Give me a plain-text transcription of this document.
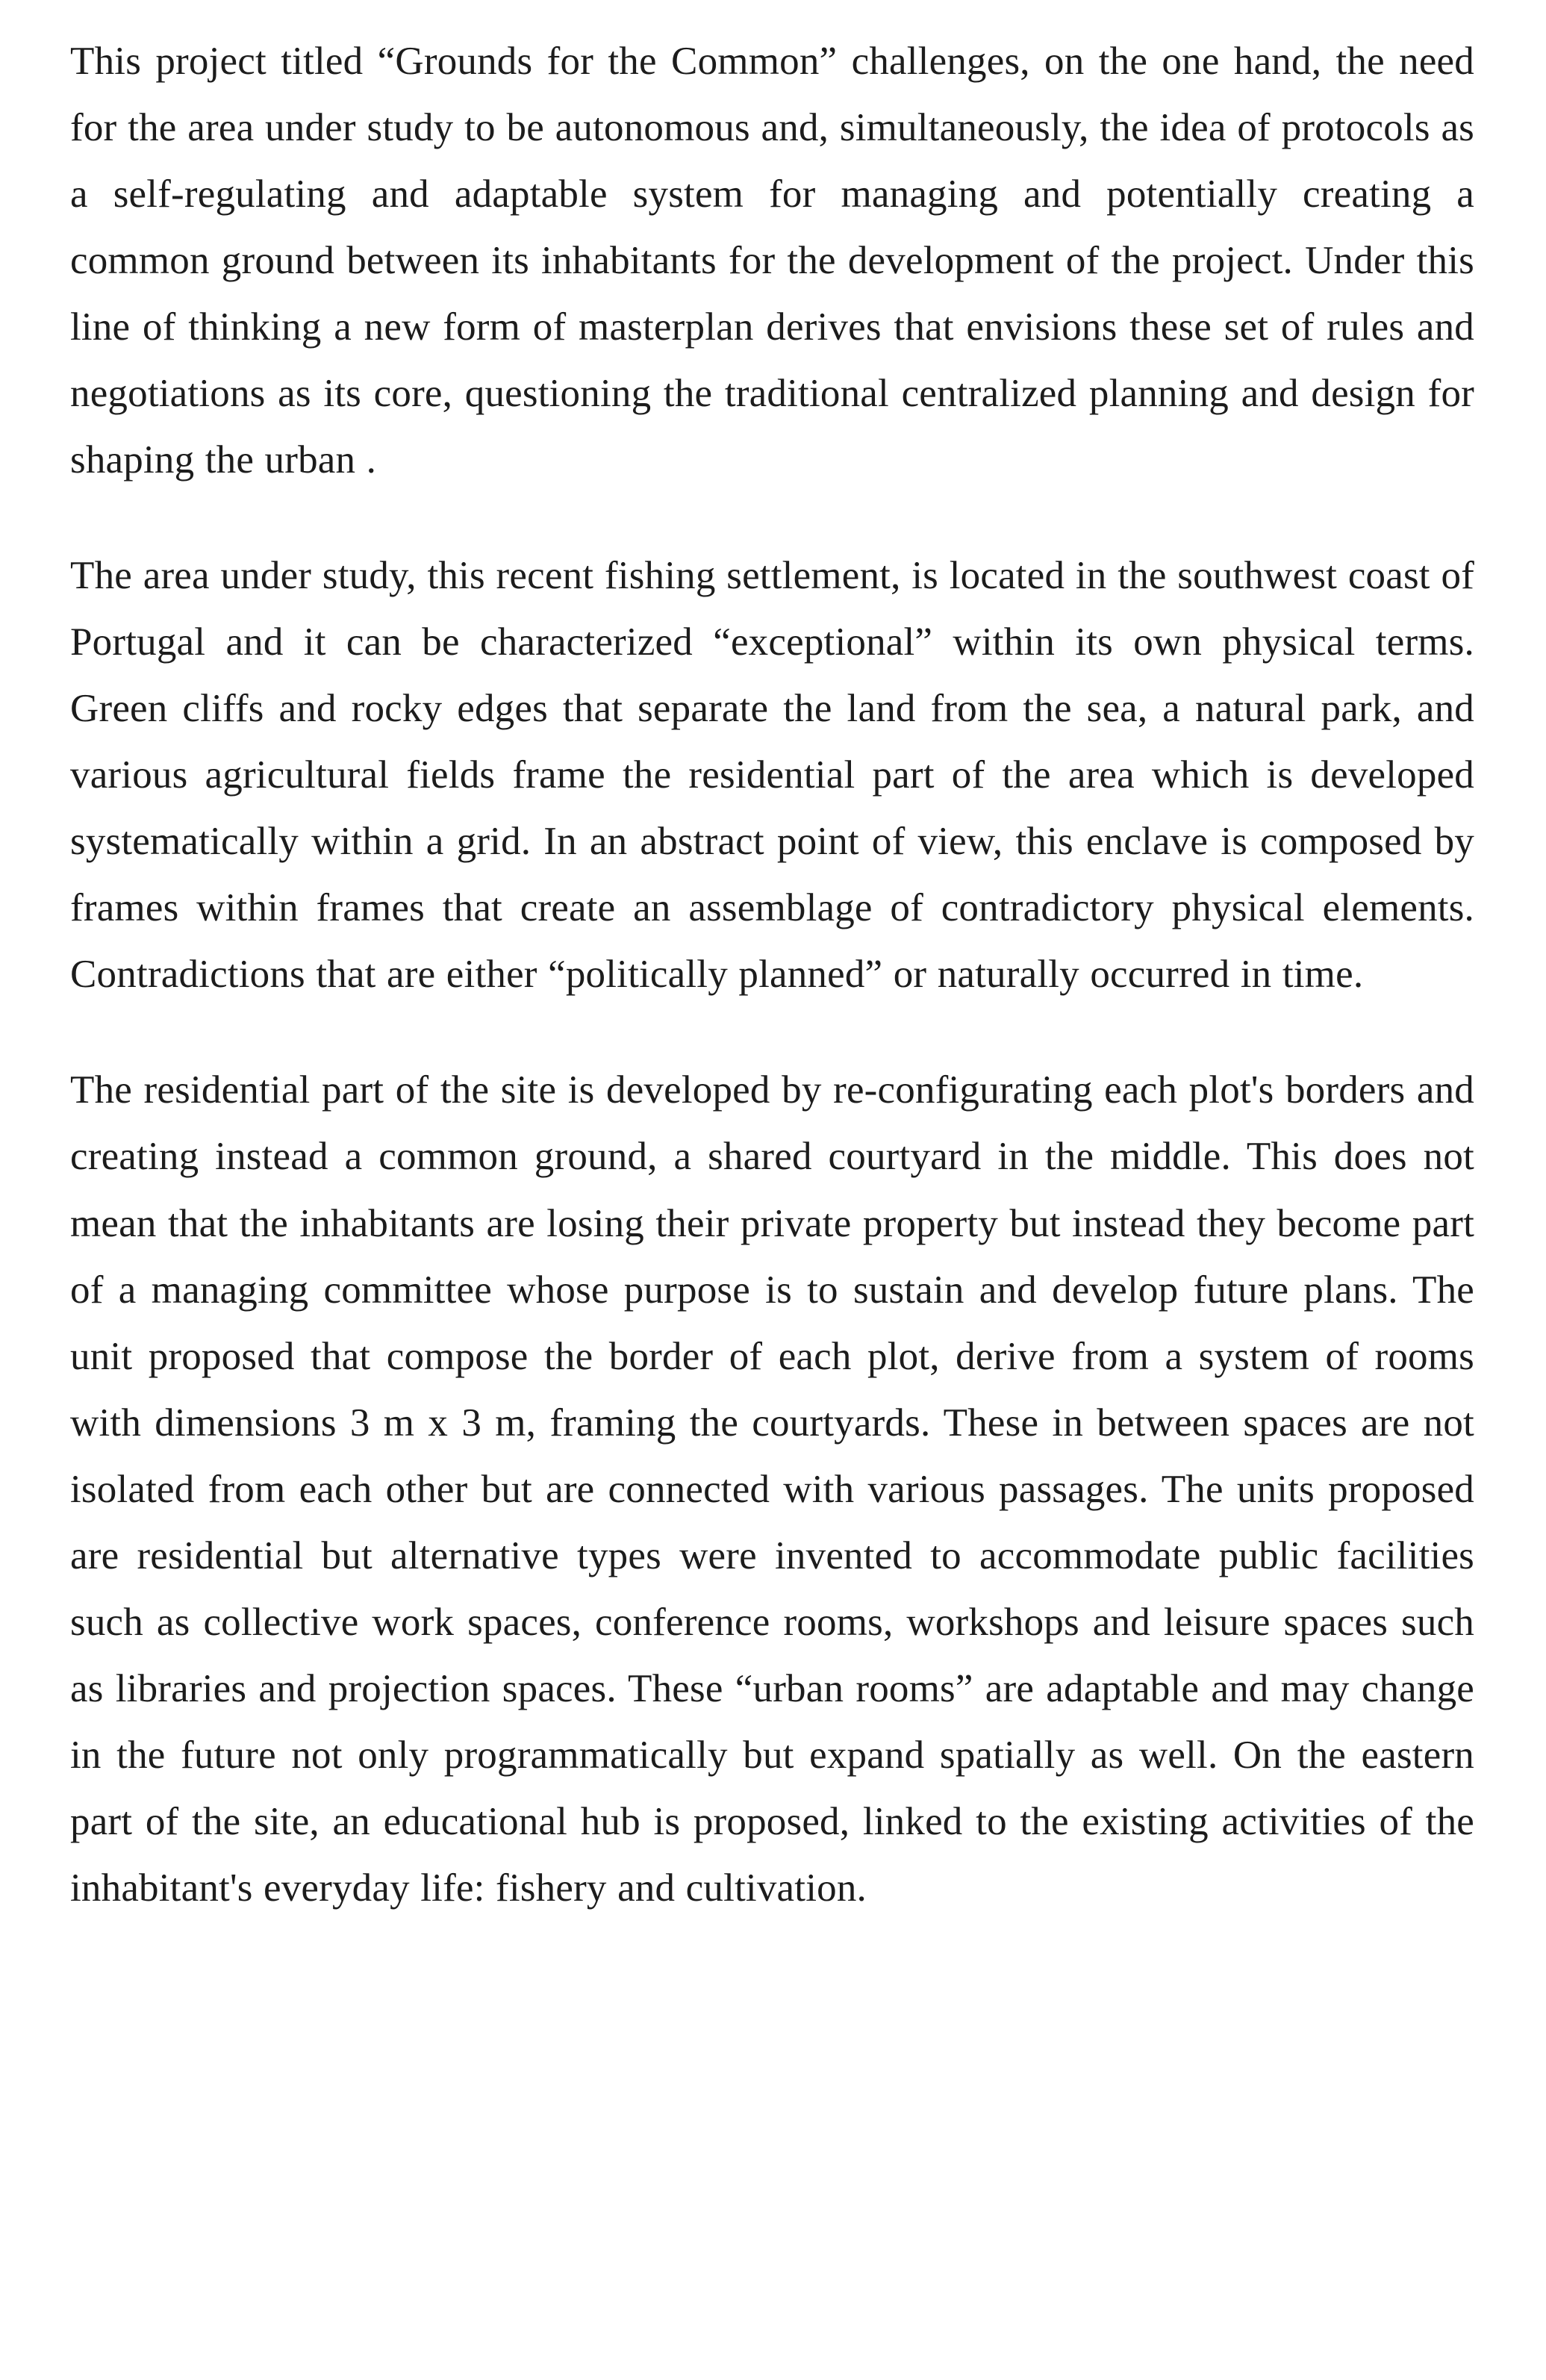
This project titled “Grounds for the Common” challenges, on the one hand, the need for the area under study to be autonomous and, simultaneously, the idea of protocols as a self-regulating and adaptable system for managing and potentially creating a common ground between its inhabitants for the development of the project. Under this line of thinking a new form of masterplan derives that envisions these set of rules and negotiations as its core, questioning the traditional centralized planning and design for shaping the urban .

The area under study, this recent fishing settlement, is located in the southwest coast of Portugal and it can be characterized “exceptional” within its own physical terms. Green cliffs and rocky edges that separate the land from the sea, a natural park, and various agricultural fields frame the residential part of the area which is developed systematically within a grid. In an abstract point of view, this enclave is composed by frames within frames that create an assemblage of contradictory physical elements. Contradictions that are either “politically planned” or naturally occurred in time.

The residential part of the site is developed by re-configurating each plot's borders and creating instead a common ground, a shared courtyard in the middle. This does not mean that the inhabitants are losing their private property but instead they become part of a managing committee whose purpose is to sustain and develop future plans. The unit proposed that compose the border of each plot, derive from a system of rooms with dimensions 3 m x 3 m, framing the courtyards. These in between spaces are not isolated from each other but are connected with various passages. The units proposed are residential but alternative types were invented to accommodate public facilities such as collective work spaces, conference rooms, workshops and leisure spaces such as libraries and projection spaces. These “urban rooms” are adaptable and may change in the future not only programmatically but expand spatially as well. On the eastern part of the site, an educational hub is proposed, linked to the existing activities of the inhabitant's everyday life: fishery and cultivation.
